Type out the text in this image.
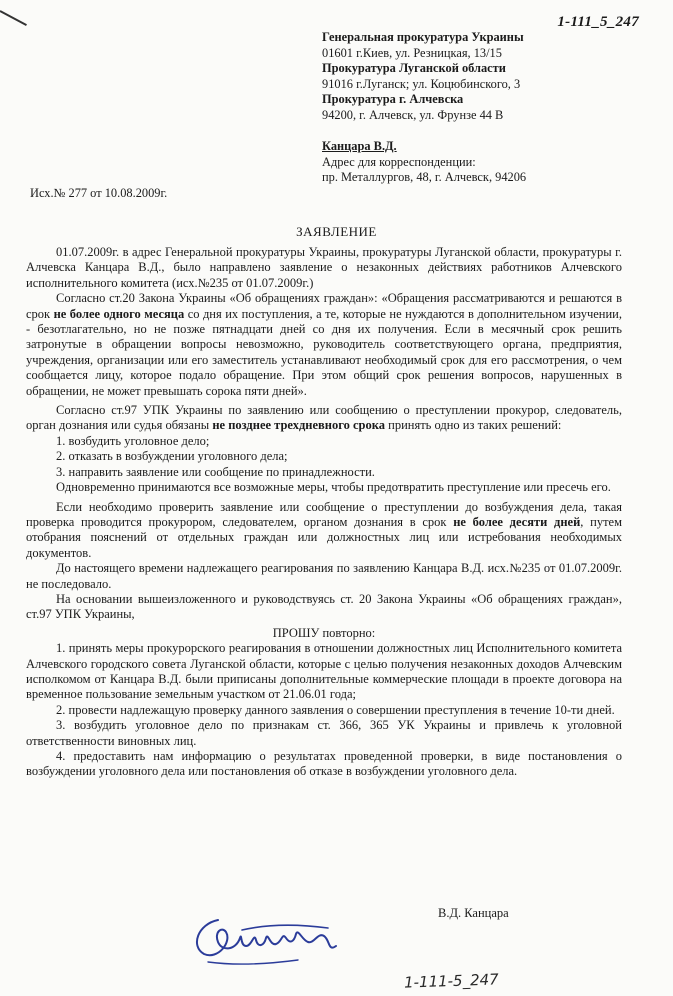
1-111_5_247
Генеральная прокуратура Украины
01601 г.Киев, ул. Резницкая, 13/15
Прокуратура Луганской области
91016 г.Луганск; ул. Коцюбинского, 3
Прокуратура г. Алчевска
94200, г. Алчевск, ул. Фрунзе 44 В
Канцара В.Д.
Адрес для корреспонденции:
пр. Металлургов, 48, г. Алчевск, 94206
Исх.№ 277 от 10.08.2009г.
ЗАЯВЛЕНИЕ

01.07.2009г. в адрес Генеральной прокуратуры Украины, прокуратуры Луганской области, прокуратуры г. Алчевска Канцара В.Д., было направлено заявление о незаконных действиях работников Алчевского исполнительного комитета (исх.№235 от 01.07.2009г.)

Согласно ст.20 Закона Украины «Об обращениях граждан»: «Обращения рассматриваются и решаются в срок не более одного месяца со дня их поступления, а те, которые не нуждаются в дополнительном изучении, - безотлагательно, но не позже пятнадцати дней со дня их получения. Если в месячный срок решить затронутые в обращении вопросы невозможно, руководитель соответствующего органа, предприятия, учреждения, организации или его заместитель устанавливают необходимый срок для его рассмотрения, о чем сообщается лицу, которое подало обращение. При этом общий срок решения вопросов, нарушенных в обращении, не может превышать сорока пяти дней».

Согласно ст.97 УПК Украины по заявлению или сообщению о преступлении прокурор, следователь, орган дознания или судья обязаны не позднее трехдневного срока принять одно из таких решений:

1. возбудить уголовное дело;
2. отказать в возбуждении уголовного дела;
3. направить заявление или сообщение по принадлежности.

Одновременно принимаются все возможные меры, чтобы предотвратить преступление или пресечь его.

Если необходимо проверить заявление или сообщение о преступлении до возбуждения дела, такая проверка проводится прокурором, следователем, органом дознания в срок не более десяти дней, путем отобрания пояснений от отдельных граждан или должностных лиц или истребования необходимых документов.

До настоящего времени надлежащего реагирования по заявлению Канцара В.Д. исх.№235 от 01.07.2009г. не последовало.

На основании вышеизложенного и руководствуясь ст. 20 Закона Украины «Об обращениях граждан», ст.97 УПК Украины,

ПРОШУ повторно:

1. принять меры прокурорского реагирования в отношении должностных лиц Исполнительного комитета Алчевского городского совета Луганской области, которые с целью получения незаконных доходов Алчевским исполкомом от Канцара В.Д. были приписаны дополнительные коммерческие площади в проекте договора на временное пользование земельным участком от 21.06.01 года;

2. провести надлежащую проверку данного заявления о совершении преступления в течение 10-ти дней.

3. возбудить уголовное дело по признакам ст. 366, 365 УК Украины и привлечь к уголовной ответственности виновных лиц.

4. предоставить нам информацию о результатах проведенной проверки, в виде постановления о возбуждении уголовного дела или постановления об отказе в возбуждении уголовного дела.

В.Д. Канцара
1-111-5_247
